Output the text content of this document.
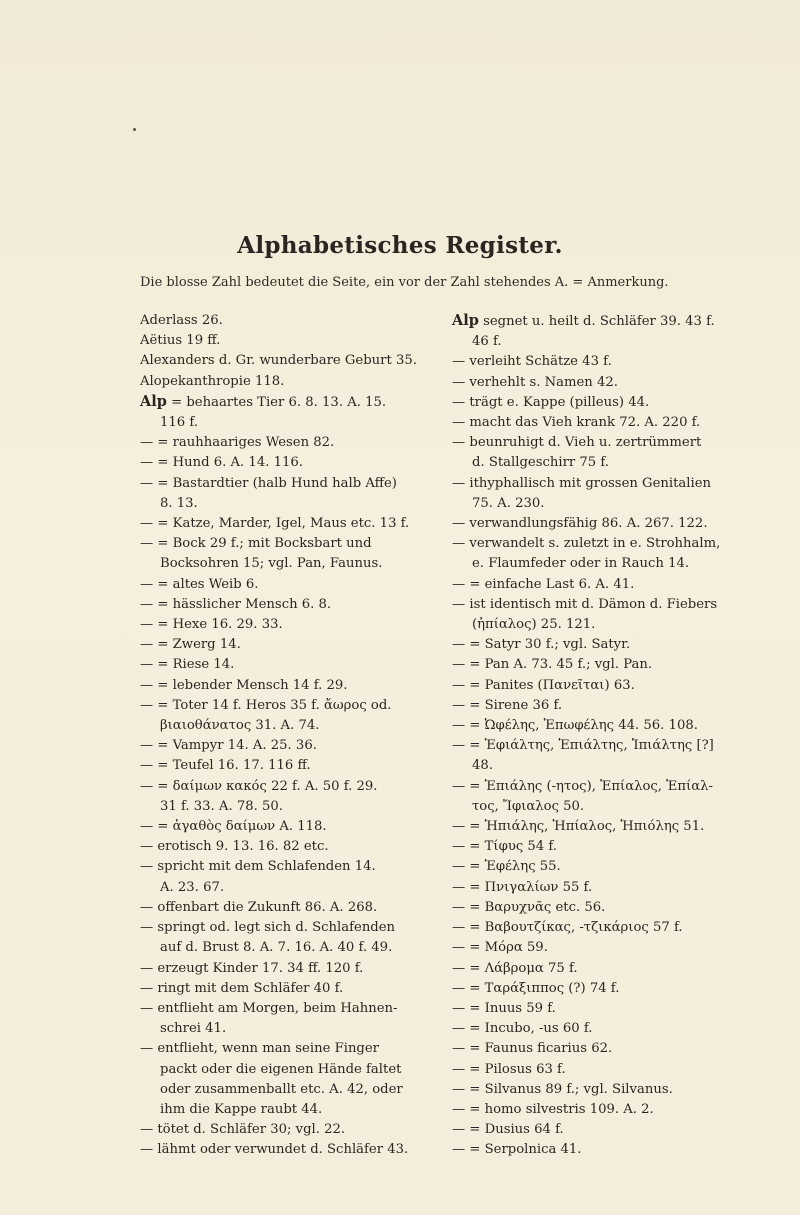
Alphabetisches Register.
Die blosse Zahl bedeutet die Seite, ein vor der Zahl stehendes A. = Anmerkung.
Aderlass 26.
Aëtius 19 ff.
Alexanders d. Gr. wunderbare Geburt 35.
Alopekanthropie 118.
Alp = behaartes Tier 6. 8. 13. A. 15.
116 f.
— = rauhhaariges Wesen 82.
— = Hund 6. A. 14. 116.
— = Bastardtier (halb Hund halb Affe)
8. 13.
— = Katze, Marder, Igel, Maus etc. 13 f.
— = Bock 29 f.; mit Bocksbart und
Bocksohren 15; vgl. Pan, Faunus.
— = altes Weib 6.
— = hässlicher Mensch 6. 8.
— = Hexe 16. 29. 33.
— = Zwerg 14.
— = Riese 14.
— = lebender Mensch 14 f. 29.
— = Toter 14 f. Heros 35 f. ἄωρος od.
βιαιοθάνατος 31. A. 74.
— = Vampyr 14. A. 25. 36.
— = Teufel 16. 17. 116 ff.
— = δαίμων κακός 22 f. A. 50 f. 29.
31 f. 33. A. 78. 50.
— = ἀγαθὸς δαίμων A. 118.
— erotisch 9. 13. 16. 82 etc.
— spricht mit dem Schlafenden 14.
A. 23. 67.
— offenbart die Zukunft 86. A. 268.
— springt od. legt sich d. Schlafenden
auf d. Brust 8. A. 7. 16. A. 40 f. 49.
— erzeugt Kinder 17. 34 ff. 120 f.
— ringt mit dem Schläfer 40 f.
— entflieht am Morgen, beim Hahnen-
schrei 41.
— entflieht, wenn man seine Finger
packt oder die eigenen Hände faltet
oder zusammenballt etc. A. 42, oder
ihm die Kappe raubt 44.
— tötet d. Schläfer 30; vgl. 22.
— lähmt oder verwundet d. Schläfer 43.
Alp segnet u. heilt d. Schläfer 39. 43 f.
46 f.
— verleiht Schätze 43 f.
— verhehlt s. Namen 42.
— trägt e. Kappe (pilleus) 44.
— macht das Vieh krank 72. A. 220 f.
— beunruhigt d. Vieh u. zertrümmert
d. Stallgeschirr 75 f.
— ithyphallisch mit grossen Genitalien
75. A. 230.
— verwandlungsfähig 86. A. 267. 122.
— verwandelt s. zuletzt in e. Strohhalm,
e. Flaumfeder oder in Rauch 14.
— = einfache Last 6. A. 41.
— ist identisch mit d. Dämon d. Fiebers
(ἠπίαλος) 25. 121.
— = Satyr 30 f.; vgl. Satyr.
— = Pan A. 73. 45 f.; vgl. Pan.
— = Panites (Πανεῖται) 63.
— = Sirene 36 f.
— = Ὠφέλης, Ἐπωφέλης 44. 56. 108.
— = Ἐφιάλτης, Ἐπιάλτης, Ἱπιάλτης [?]
48.
— = Ἐπιάλης (-ητος), Ἐπίαλος, Ἐπίαλ-
τος, Ἴφιαλος 50.
— = Ἠπιάλης, Ἠπίαλος, Ἠπιόλης 51.
— = Τίφυς 54 f.
— = Ἐφέλης 55.
— = Πνιγαλίων 55 f.
— = Βαρυχνᾶς etc. 56.
— = Βαβουτζίκας, -τζικάριος 57 f.
— = Μόρα 59.
— = Λάβρομα 75 f.
— = Ταράξιππος (?) 74 f.
— = Inuus 59 f.
— = Incubo, -us 60 f.
— = Faunus ficarius 62.
— = Pilosus 63 f.
— = Silvanus 89 f.; vgl. Silvanus.
— = homo silvestris 109. A. 2.
— = Dusius 64 f.
— = Serpolnica 41.
